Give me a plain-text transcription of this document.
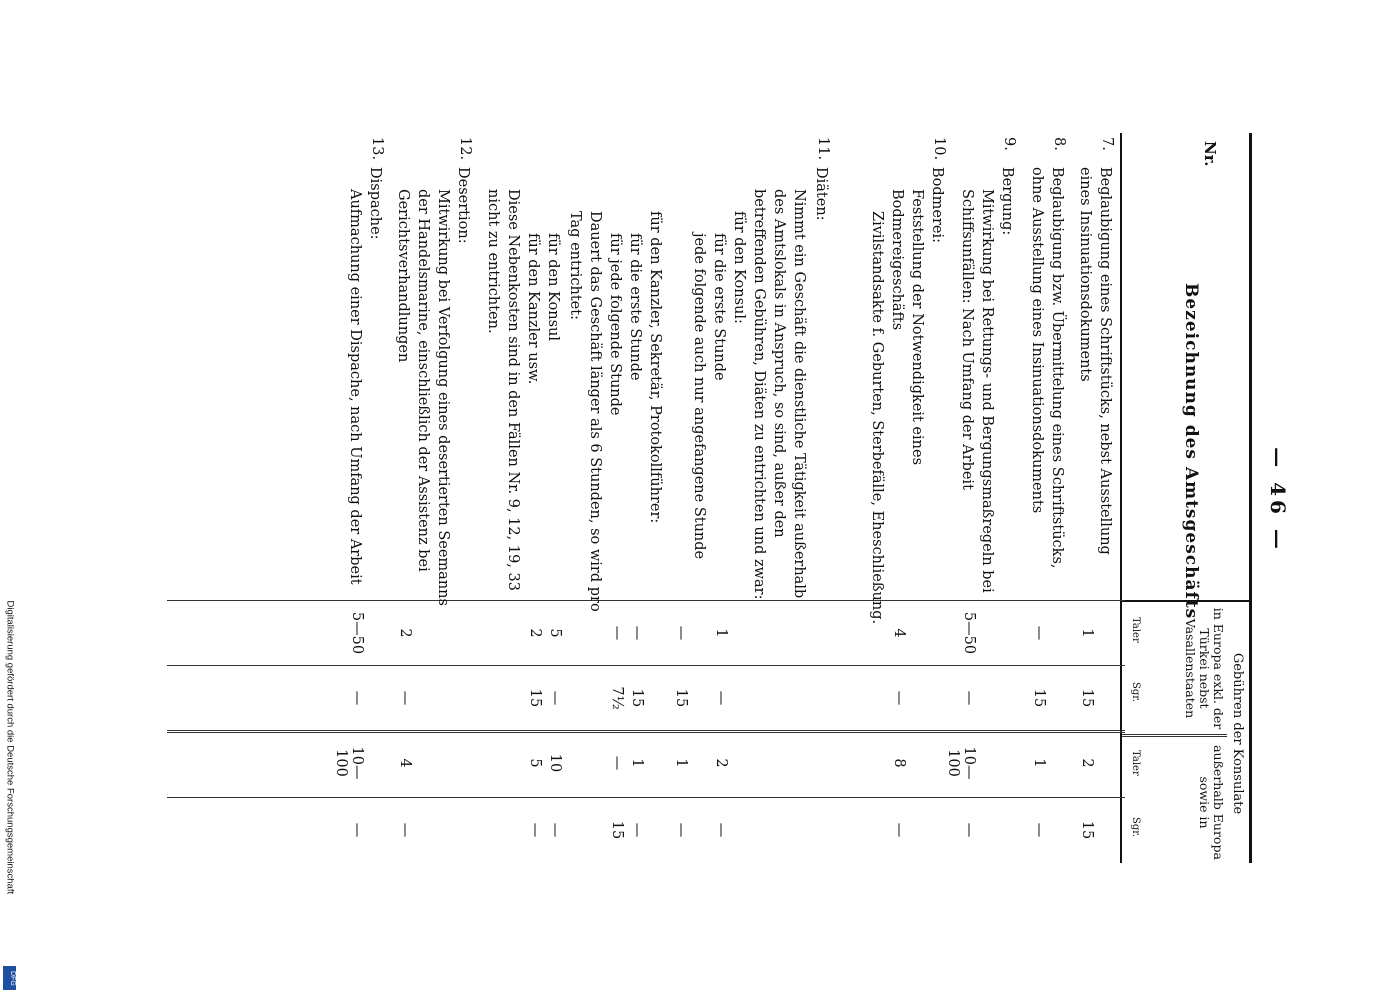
— 46 —
Nr.
Bezeichnung des Amtsgeschäfts
Gebühren der Konsulate
in Europa exkl. der Türkei nebst Vasallenstaaten
außerhalb Europa sowie in
Taler
Sgr.
Taler
Sgr.
7.
Beglaubigung eines Schriftstücks, nebst Ausstellung eines Insinuationsdokuments
1
15
2
15
8.
Beglaubigung bzw. Übermittelung eines Schriftstücks, ohne Ausstellung eines Insinuationsdokuments
—
15
1
—
9.
Bergung:
Mitwirkung bei Rettungs- und Bergungsmaßregeln bei Schiffsunfällen: Nach Umfang der Arbeit
5—50
—
10—100
—
10.
Bodmerei:
Feststellung der Notwendigkeit eines Bodmereigeschäfts
4
—
8
—
Zivilstandsakte f. Geburten, Sterbefälle, Eheschließung.
11.
Diäten:
Nimmt ein Geschäft die dienstliche Tätigkeit außerhalb des Amtslokals in Anspruch, so sind, außer den betreffenden Gebühren, Diäten zu entrichten und zwar:
für den Konsul:
für die erste Stunde
1
—
2
—
jede folgende auch nur angefangene Stunde
—
15
1
—
für den Kanzler, Sekretär, Protokollführer:
für die erste Stunde
—
15
1
—
für jede folgende Stunde
—
7½
—
15
Dauert das Geschäft länger als 6 Stunden, so wird pro Tag entrichtet:
für den Konsul
5
—
10
—
für den Kanzler usw.
2
15
5
—
Diese Nebenkosten sind in den Fällen Nr. 9, 12, 19, 33 nicht zu entrichten.
12.
Desertion:
Mitwirkung bei Verfolgung eines desertierten Seemanns der Handelsmarine, einschließlich der Assistenz bei Gerichtsverhandlungen
2
—
4
—
13.
Dispache:
Aufmachung einer Dispache, nach Umfang der Arbeit
5—50
—
10—100
—
Digitalisierung gefördert durch die Deutsche Forschungsgemeinschaft
DFG
